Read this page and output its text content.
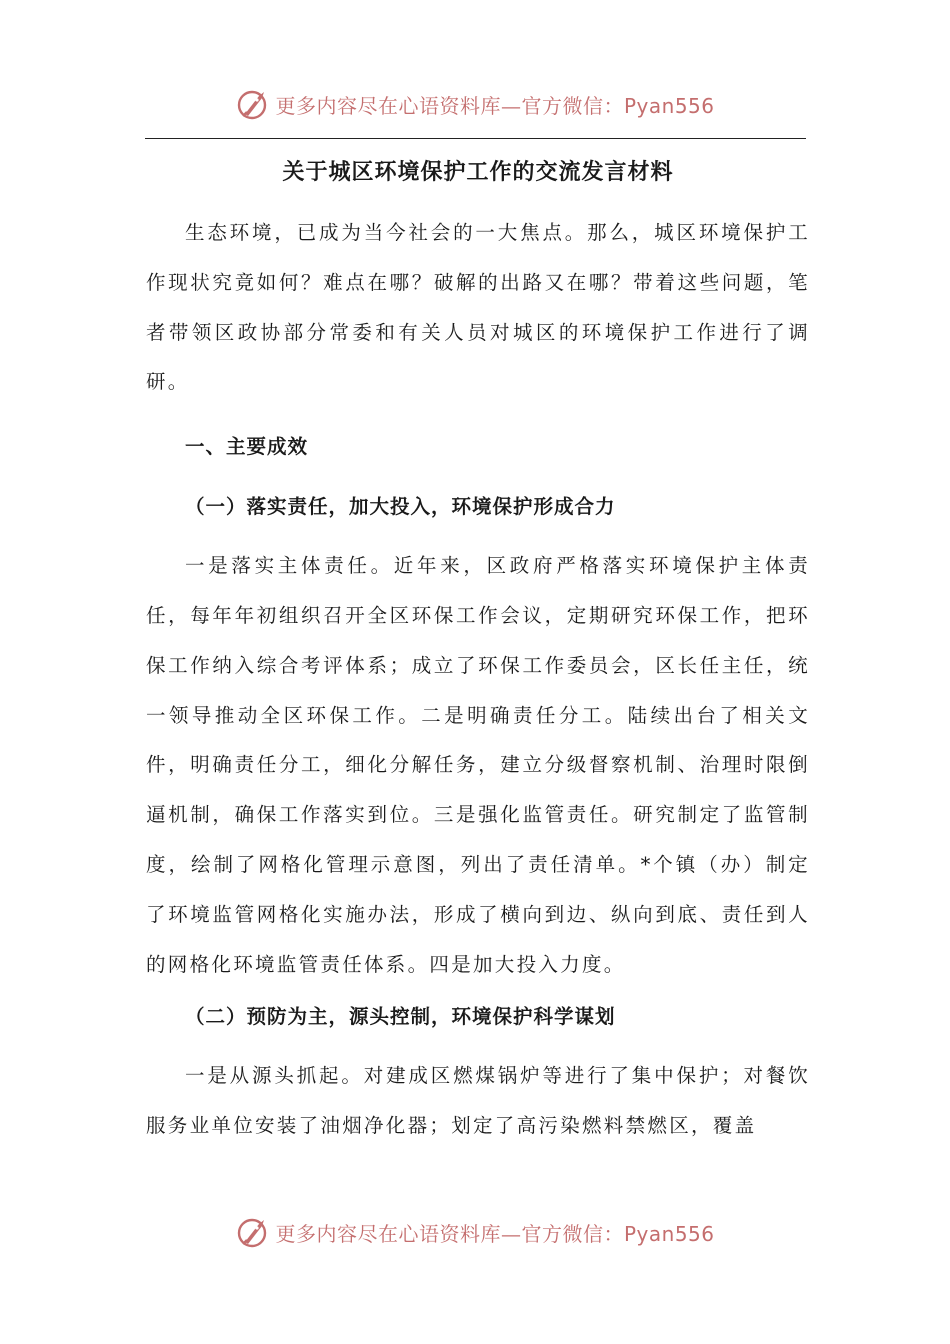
更多内容尽在心语资料库—官方微信：Pyan556
关于城区环境保护工作的交流发言材料

生态环境，已成为当今社会的一大焦点。那么，城区环境保护工作现状究竟如何？难点在哪？破解的出路又在哪？带着这些问题，笔者带领区政协部分常委和有关人员对城区的环境保护工作进行了调研。

一、主要成效

（一）落实责任，加大投入，环境保护形成合力

一是落实主体责任。近年来，区政府严格落实环境保护主体责任，每年年初组织召开全区环保工作会议，定期研究环保工作，把环保工作纳入综合考评体系；成立了环保工作委员会，区长任主任，统一领导推动全区环保工作。二是明确责任分工。陆续出台了相关文件，明确责任分工，细化分解任务，建立分级督察机制、治理时限倒逼机制，确保工作落实到位。三是强化监管责任。研究制定了监管制度，绘制了网格化管理示意图，列出了责任清单。*个镇（办）制定了环境监管网格化实施办法，形成了横向到边、纵向到底、责任到人的网格化环境监管责任体系。四是加大投入力度。

（二）预防为主，源头控制，环境保护科学谋划

一是从源头抓起。对建成区燃煤锅炉等进行了集中保护；对餐饮服务业单位安装了油烟净化器；划定了高污染燃料禁燃区，覆盖

更多内容尽在心语资料库—官方微信：Pyan556
